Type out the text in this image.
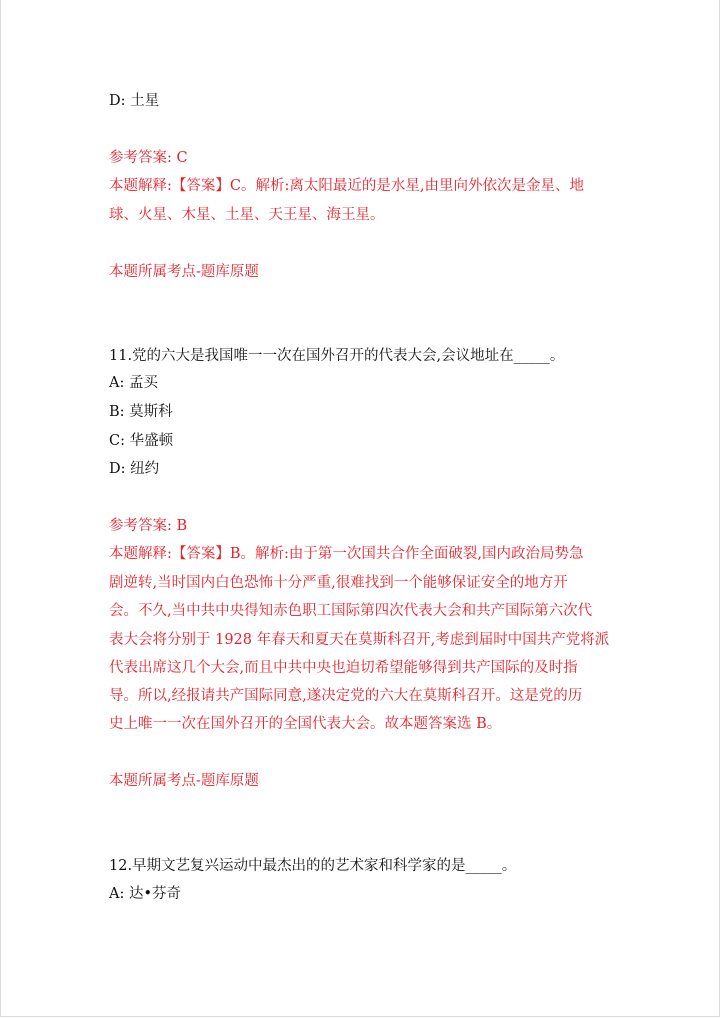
D: 土星
参考答案: C
本题解释:【答案】C。解析:离太阳最近的是水星,由里向外依次是金星、地
球、火星、木星、土星、天王星、海王星。
本题所属考点-题库原题
11.党的六大是我国唯一一次在国外召开的代表大会,会议地址在_____。
A: 孟买
B: 莫斯科
C: 华盛顿
D: 纽约
参考答案: B
本题解释:【答案】B。解析:由于第一次国共合作全面破裂,国内政治局势急
剧逆转,当时国内白色恐怖十分严重,很难找到一个能够保证安全的地方开
会。不久,当中共中央得知赤色职工国际第四次代表大会和共产国际第六次代
表大会将分别于 1928 年春天和夏天在莫斯科召开,考虑到届时中国共产党将派
代表出席这几个大会,而且中共中央也迫切希望能够得到共产国际的及时指
导。所以,经报请共产国际同意,遂决定党的六大在莫斯科召开。这是党的历
史上唯一一次在国外召开的全国代表大会。故本题答案选 B。
本题所属考点-题库原题
12.早期文艺复兴运动中最杰出的的艺术家和科学家的是_____。
A: 达•芬奇
